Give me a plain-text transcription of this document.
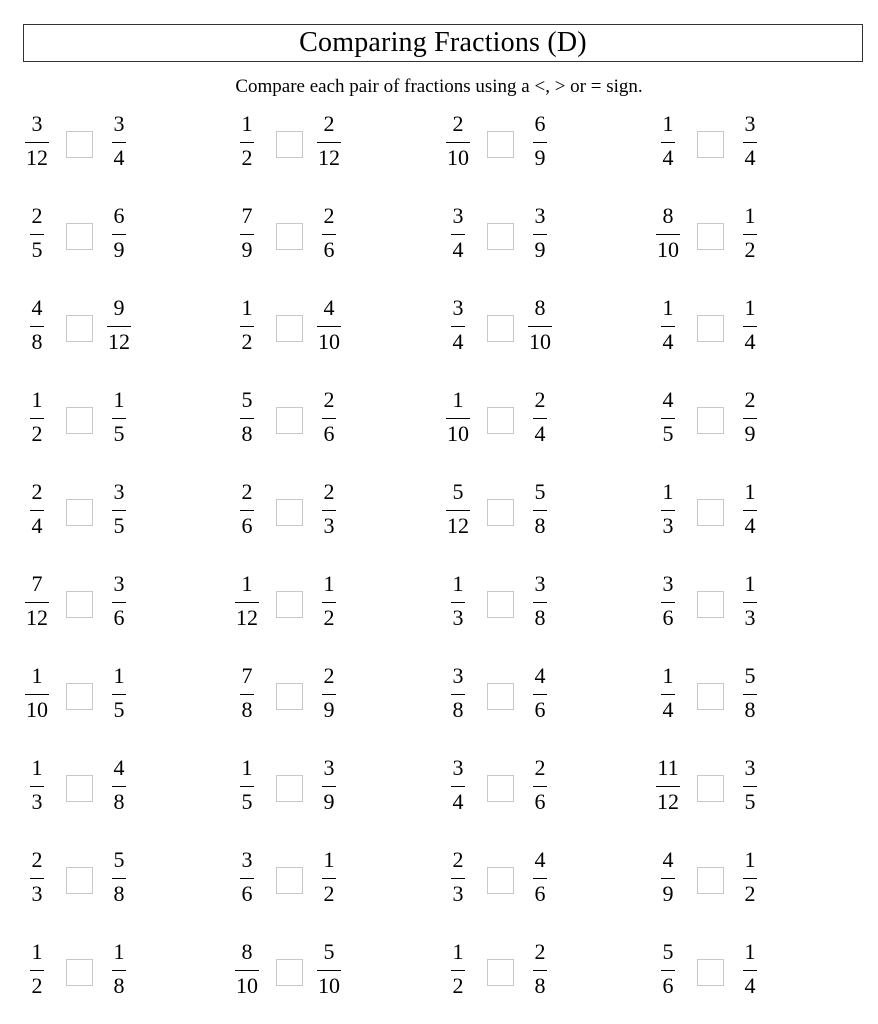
Comparing Fractions (D)
Compare each pair of fractions using a <, > or = sign.
3
12
3
4
1
2
2
12
2
10
6
9
1
4
3
4
2
5
6
9
7
9
2
6
3
4
3
9
8
10
1
2
4
8
9
12
1
2
4
10
3
4
8
10
1
4
1
4
1
2
1
5
5
8
2
6
1
10
2
4
4
5
2
9
2
4
3
5
2
6
2
3
5
12
5
8
1
3
1
4
7
12
3
6
1
12
1
2
1
3
3
8
3
6
1
3
1
10
1
5
7
8
2
9
3
8
4
6
1
4
5
8
1
3
4
8
1
5
3
9
3
4
2
6
11
12
3
5
2
3
5
8
3
6
1
2
2
3
4
6
4
9
1
2
1
2
1
8
8
10
5
10
1
2
2
8
5
6
1
4
